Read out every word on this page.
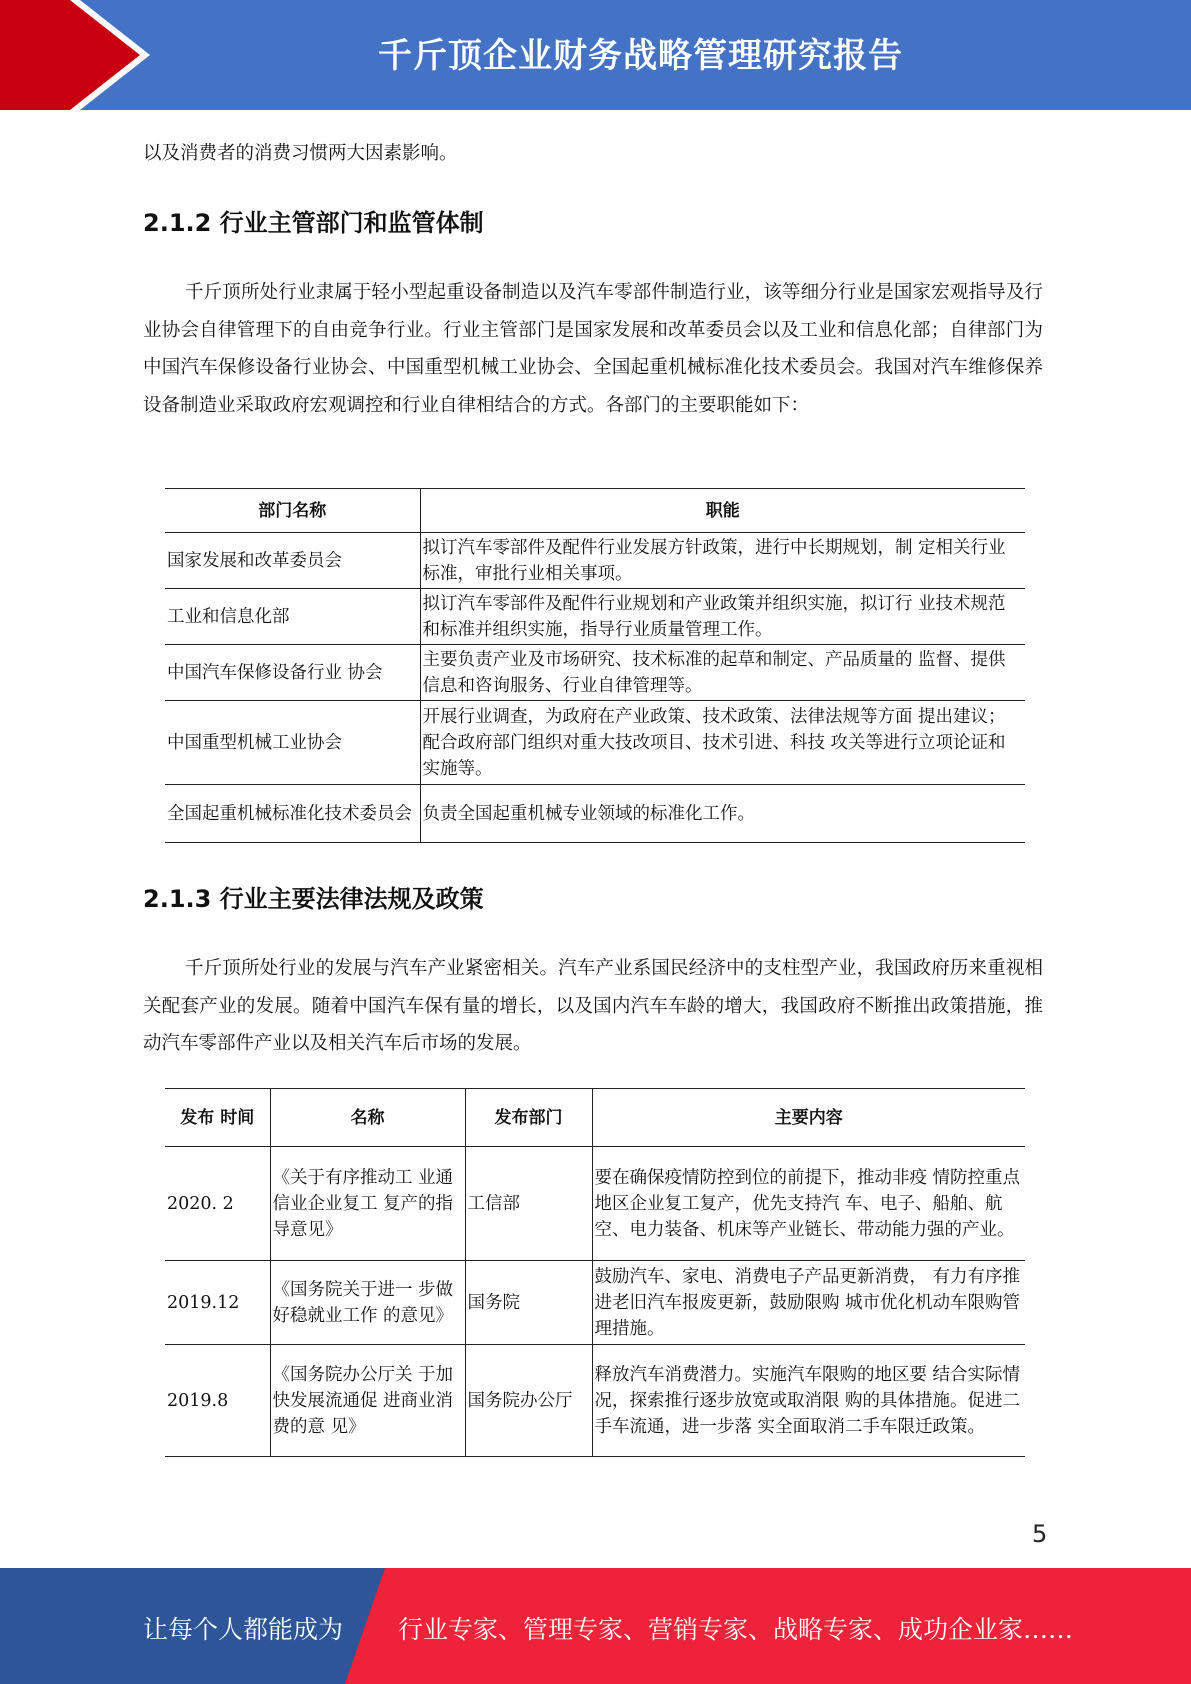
千斤顶企业财务战略管理研究报告

以及消费者的消费习惯两大因素影响。

2.1.2 行业主管部门和监管体制

千斤顶所处行业隶属于轻小型起重设备制造以及汽车零部件制造行业，该等细分行业是国家宏观指导及行业协会自律管理下的自由竞争行业。行业主管部门是国家发展和改革委员会以及工业和信息化部；自律部门为中国汽车保修设备行业协会、中国重型机械工业协会、全国起重机械标准化技术委员会。我国对汽车维修保养设备制造业采取政府宏观调控和行业自律相结合的方式。各部门的主要职能如下：

部门名称	职能
国家发展和改革委员会	拟订汽车零部件及配件行业发展方针政策，进行中长期规划，制 定相关行业标准，审批行业相关事项。
工业和信息化部	拟订汽车零部件及配件行业规划和产业政策并组织实施，拟订行 业技术规范和标准并组织实施，指导行业质量管理工作。
中国汽车保修设备行业 协会	主要负责产业及市场研究、技术标准的起草和制定、产品质量的 监督、提供信息和咨询服务、行业自律管理等。
中国重型机械工业协会	开展行业调查，为政府在产业政策、技术政策、法律法规等方面 提出建议；配合政府部门组织对重大技改项目、技术引进、科技 攻关等进行立项论证和实施等。
全国起重机械标准化技术委员会	负责全国起重机械专业领域的标准化工作。
2.1.3 行业主要法律法规及政策

千斤顶所处行业的发展与汽车产业紧密相关。汽车产业系国民经济中的支柱型产业，我国政府历来重视相关配套产业的发展。随着中国汽车保有量的增长，以及国内汽车车龄的增大，我国政府不断推出政策措施，推动汽车零部件产业以及相关汽车后市场的发展。

发布 时间	名称	发布部门	主要内容
2020. 2	《关于有序推动工 业通信业企业复工 复产的指导意见》	工信部	要在确保疫情防控到位的前提下，推动非疫 情防控重点地区企业复工复产，优先支持汽 车、电子、船舶、航空、电力装备、机床等产业链长、带动能力强的产业。
2019.12	《国务院关于进一 步做好稳就业工作 的意见》	国务院	鼓励汽车、家电、消费电子产品更新消费， 有力有序推进老旧汽车报废更新，鼓励限购 城市优化机动车限购管理措施。
2019.8	《国务院办公厅关 于加快发展流通促 进商业消费的意 见》	国务院办公厅	释放汽车消费潜力。实施汽车限购的地区要 结合实际情况，探索推行逐步放宽或取消限 购的具体措施。促进二手车流通，进一步落 实全面取消二手车限迁政策。
5
让每个人都能成为 行业专家、管理专家、营销专家、战略专家、成功企业家……
